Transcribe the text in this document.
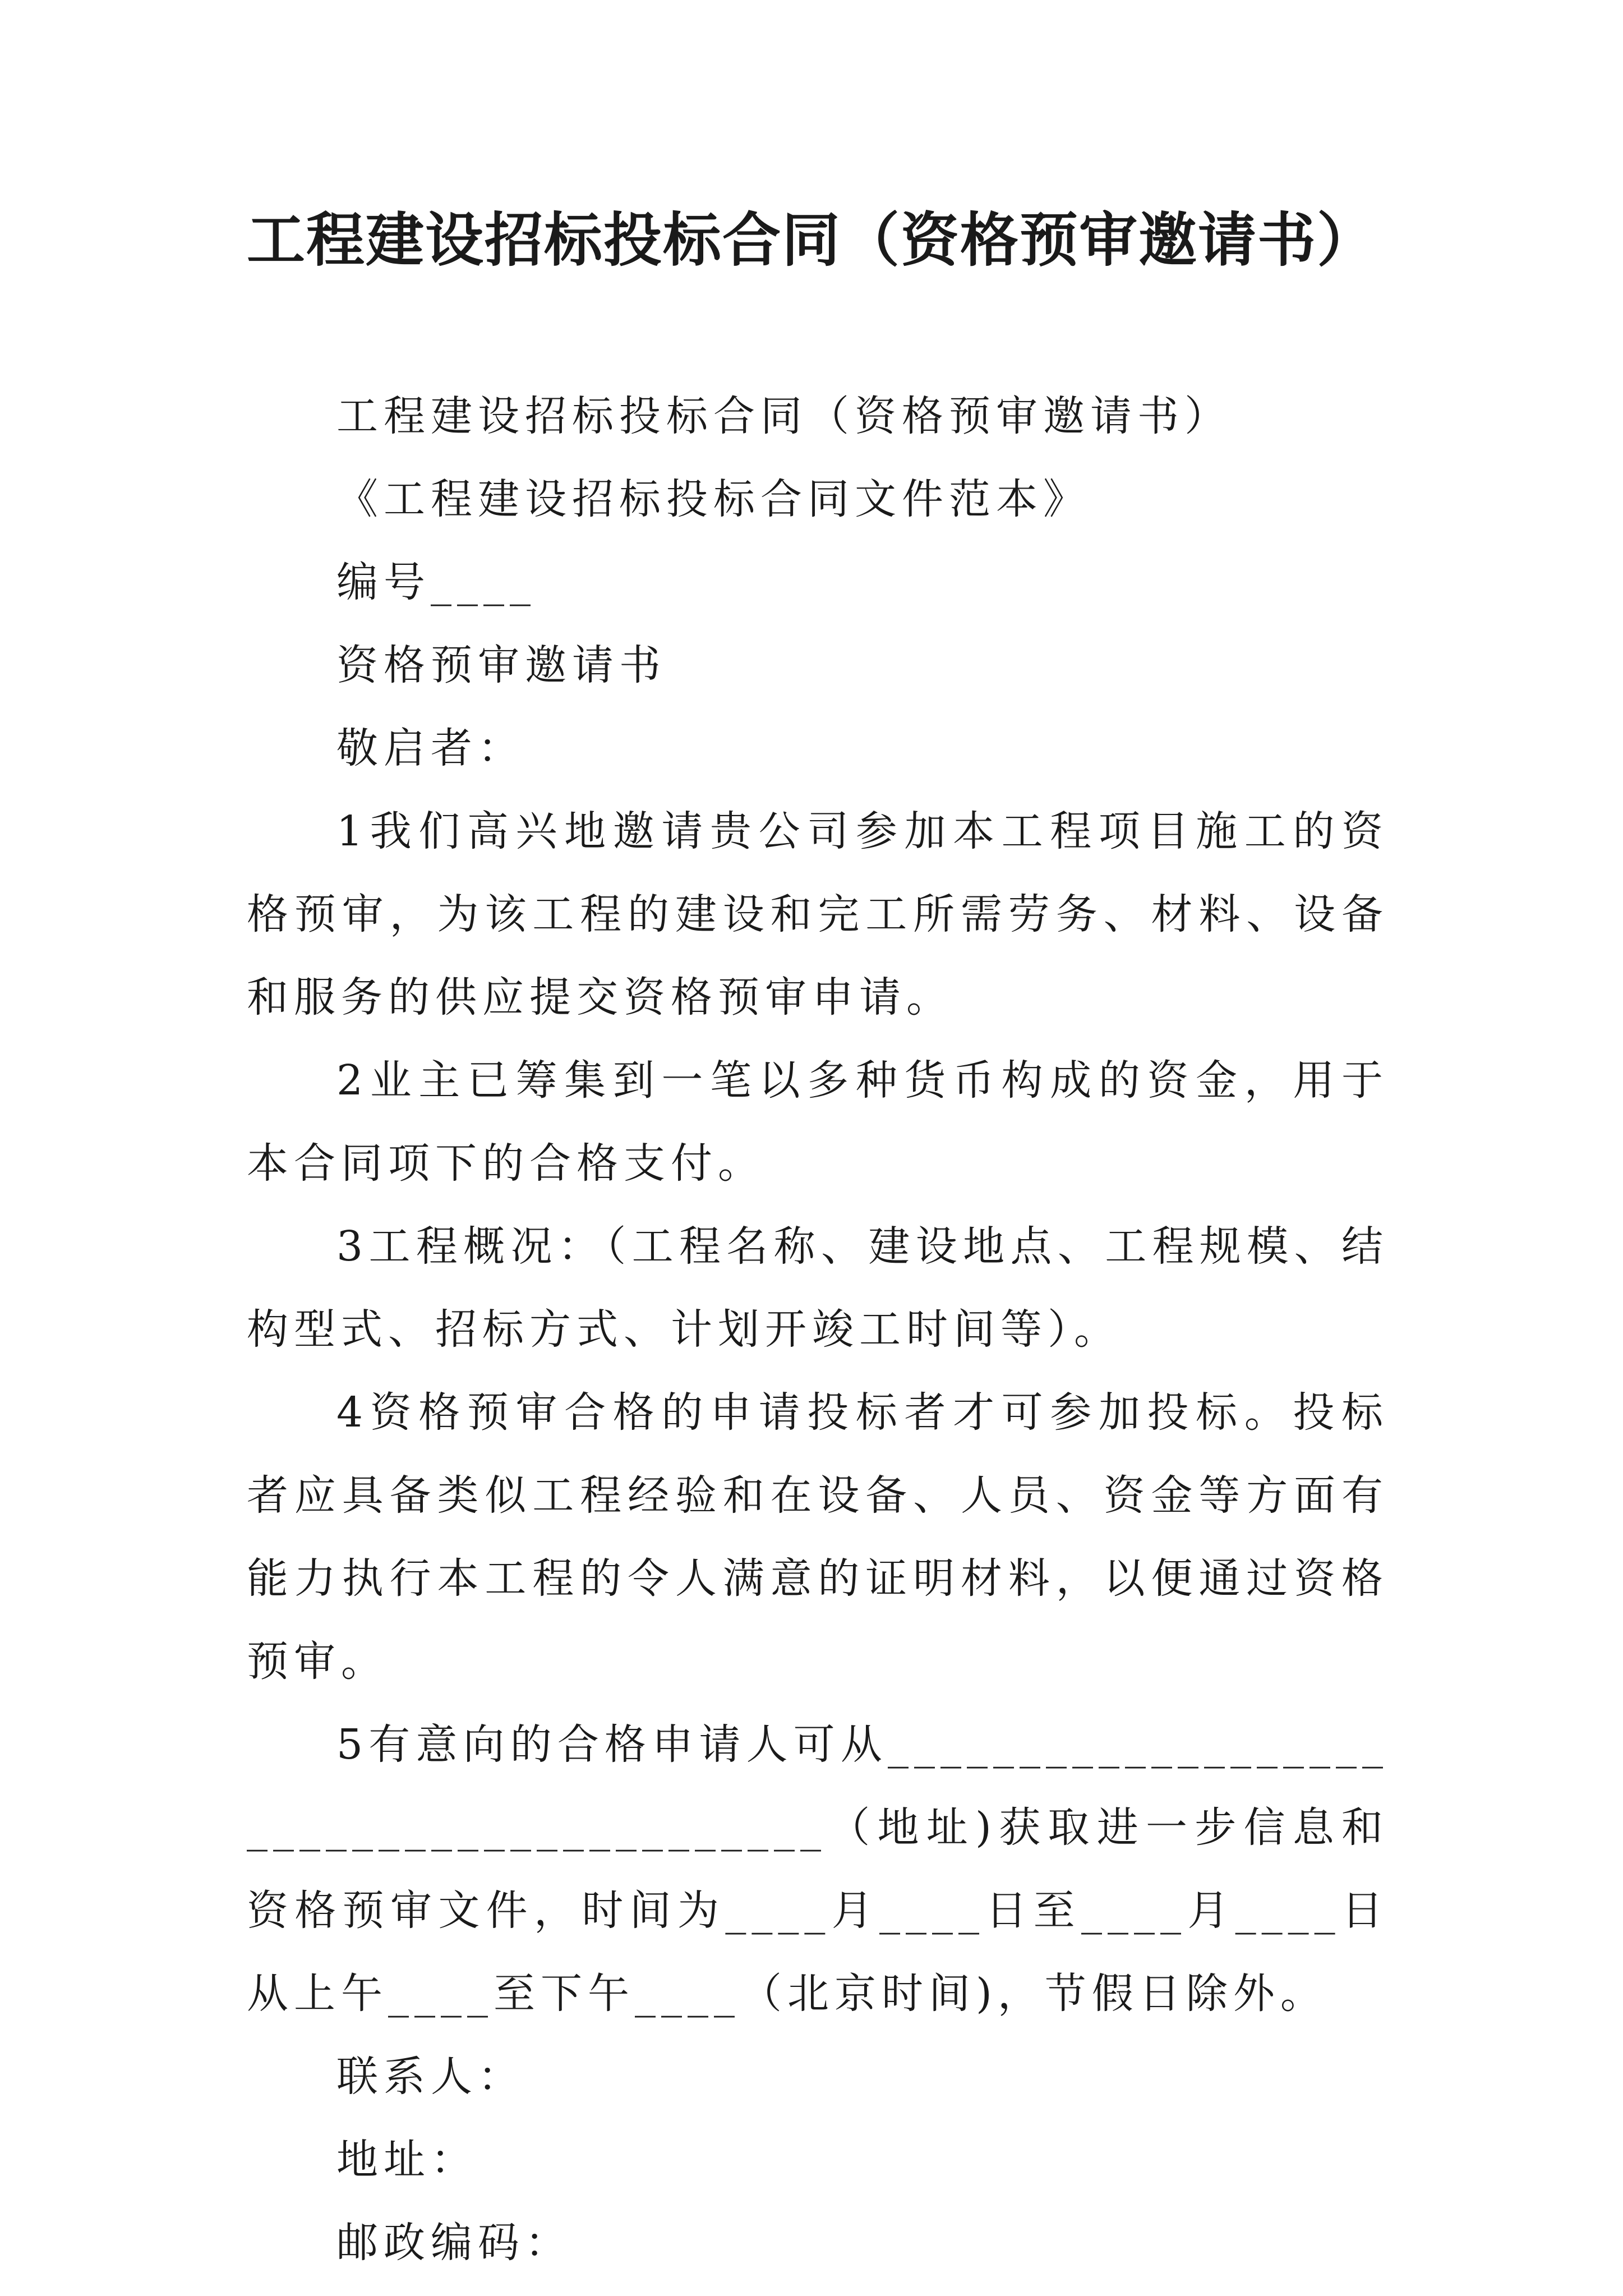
工程建设招标投标合同（资格预审邀请书）

工程建设招标投标合同（资格预审邀请书）

《工程建设招标投标合同文件范本》

编号____

资格预审邀请书

敬启者：

1我们高兴地邀请贵公司参加本工程项目施工的资格预审，为该工程的建设和完工所需劳务、材料、设备和服务的供应提交资格预审申请。

2业主已筹集到一笔以多种货币构成的资金，用于本合同项下的合格支付。

3工程概况：（工程名称、建设地点、工程规模、结构型式、招标方式、计划开竣工时间等）。

4资格预审合格的申请投标者才可参加投标。投标者应具备类似工程经验和在设备、人员、资金等方面有能力执行本工程的令人满意的证明材料，以便通过资格预审。

5有意向的合格申请人可从_________________________________________（地址)获取进一步信息和资格预审文件，时间为____月____日至____月____日从上午____至下午____（北京时间)，节假日除外。

联系人：

地址：

邮政编码：
